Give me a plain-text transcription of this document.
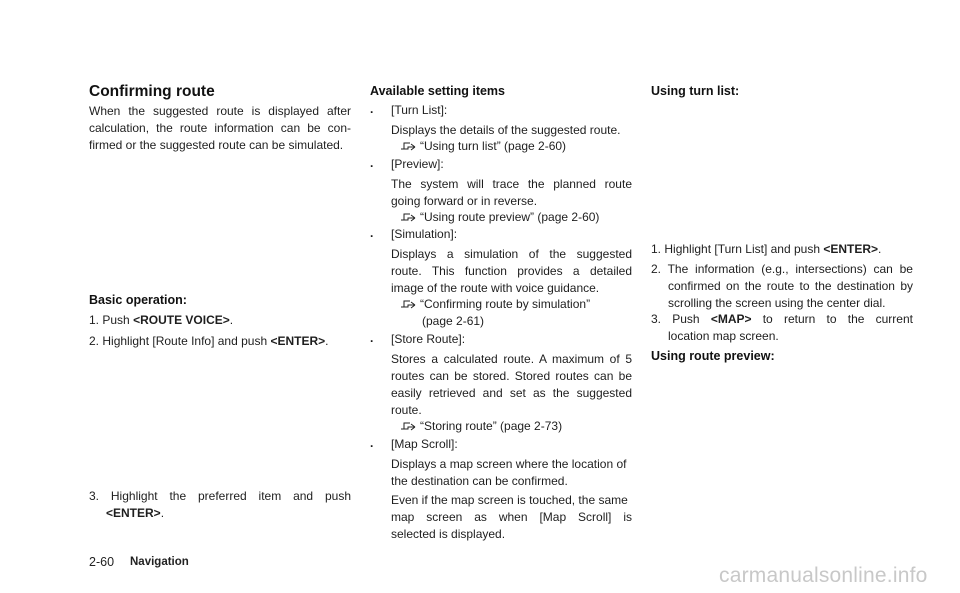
Confirming route
When the suggested route is displayed after
calculation, the route information can be con-
firmed or the suggested route can be simulated.
Basic operation:
1. Push <ROUTE VOICE>.
2. Highlight [Route Info] and push <ENTER>.
3. Highlight the preferred item and push
<ENTER>.
Available setting items
. [Turn List]:
Displays the details of the suggested route.
“Using turn list” (page 2-60)
. [Preview]:
The system will trace the planned route
going forward or in reverse.
“Using route preview” (page 2-60)
. [Simulation]:
Displays a simulation of the suggested
route. This function provides a detailed
image of the route with voice guidance.
“Confirming route by simulation”
(page 2-61)
. [Store Route]:
Stores a calculated route. A maximum of 5
routes can be stored. Stored routes can be
easily retrieved and set as the suggested
route.
“Storing route” (page 2-73)
. [Map Scroll]:
Displays a map screen where the location of
the destination can be confirmed.
Even if the map screen is touched, the same
map screen as when [Map Scroll] is
selected is displayed.
Using turn list:
1. Highlight [Turn List] and push <ENTER>.
2. The information (e.g., intersections) can be
confirmed on the route to the destination by
scrolling the screen using the center dial.
3. Push <MAP> to return to the current
location map screen.
Using route preview:
2-60 Navigation
carmanualsonline.info
